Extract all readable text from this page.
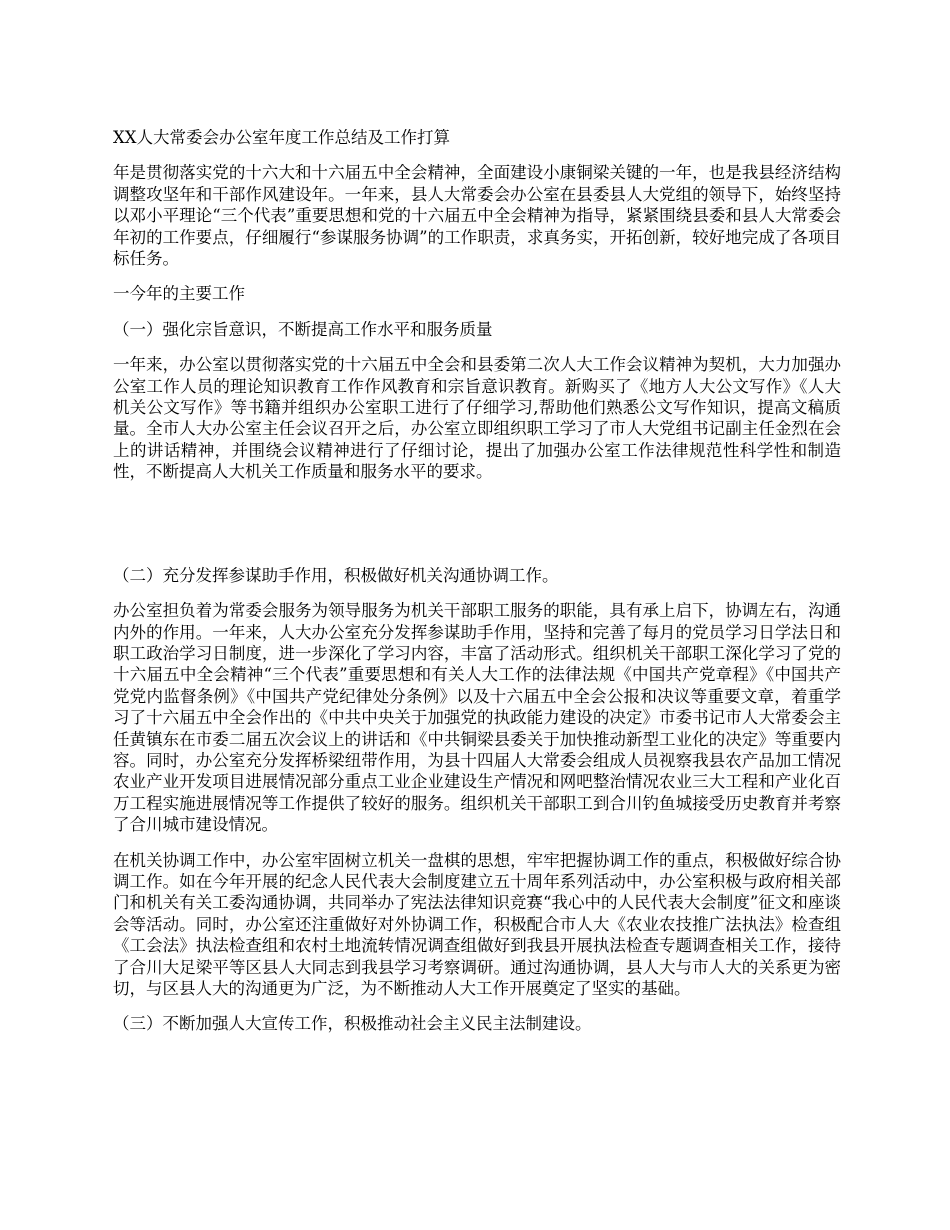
XX人大常委会办公室年度工作总结及工作打算

年是贯彻落实党的十六大和十六届五中全会精神，全面建设小康铜梁关键的一年，也是我县经济结构调整攻坚年和干部作风建设年。一年来，县人大常委会办公室在县委县人大党组的领导下，始终坚持以邓小平理论“三个代表”重要思想和党的十六届五中全会精神为指导，紧紧围绕县委和县人大常委会年初的工作要点，仔细履行“参谋服务协调”的工作职责，求真务实，开拓创新，较好地完成了各项目标任务。

一今年的主要工作

（一）强化宗旨意识，不断提高工作水平和服务质量

一年来，办公室以贯彻落实党的十六届五中全会和县委第二次人大工作会议精神为契机，大力加强办公室工作人员的理论知识教育工作作风教育和宗旨意识教育。新购买了《地方人大公文写作》《人大机关公文写作》等书籍并组织办公室职工进行了仔细学习,帮助他们熟悉公文写作知识，提高文稿质量。全市人大办公室主任会议召开之后，办公室立即组织职工学习了市人大党组书记副主任金烈在会上的讲话精神，并围绕会议精神进行了仔细讨论，提出了加强办公室工作法律规范性科学性和制造性，不断提高人大机关工作质量和服务水平的要求。

（二）充分发挥参谋助手作用，积极做好机关沟通协调工作。

办公室担负着为常委会服务为领导服务为机关干部职工服务的职能，具有承上启下，协调左右，沟通内外的作用。一年来，人大办公室充分发挥参谋助手作用，坚持和完善了每月的党员学习日学法日和职工政治学习日制度，进一步深化了学习内容，丰富了活动形式。组织机关干部职工深化学习了党的十六届五中全会精神“三个代表”重要思想和有关人大工作的法律法规《中国共产党章程》《中国共产党党内监督条例》《中国共产党纪律处分条例》以及十六届五中全会公报和决议等重要文章，着重学习了十六届五中全会作出的《中共中央关于加强党的执政能力建设的决定》市委书记市人大常委会主任黄镇东在市委二届五次会议上的讲话和《中共铜梁县委关于加快推动新型工业化的决定》等重要内容。同时，办公室充分发挥桥梁纽带作用，为县十四届人大常委会组成人员视察我县农产品加工情况农业产业开发项目进展情况部分重点工业企业建设生产情况和网吧整治情况农业三大工程和产业化百万工程实施进展情况等工作提供了较好的服务。组织机关干部职工到合川钓鱼城接受历史教育并考察了合川城市建设情况。

在机关协调工作中，办公室牢固树立机关一盘棋的思想，牢牢把握协调工作的重点，积极做好综合协调工作。如在今年开展的纪念人民代表大会制度建立五十周年系列活动中，办公室积极与政府相关部门和机关有关工委沟通协调，共同举办了宪法法律知识竞赛“我心中的人民代表大会制度”征文和座谈会等活动。同时，办公室还注重做好对外协调工作，积极配合市人大《农业农技推广法执法》检查组《工会法》执法检查组和农村土地流转情况调查组做好到我县开展执法检查专题调查相关工作，接待了合川大足梁平等区县人大同志到我县学习考察调研。通过沟通协调，县人大与市人大的关系更为密切，与区县人大的沟通更为广泛，为不断推动人大工作开展奠定了坚实的基础。

（三）不断加强人大宣传工作，积极推动社会主义民主法制建设。
